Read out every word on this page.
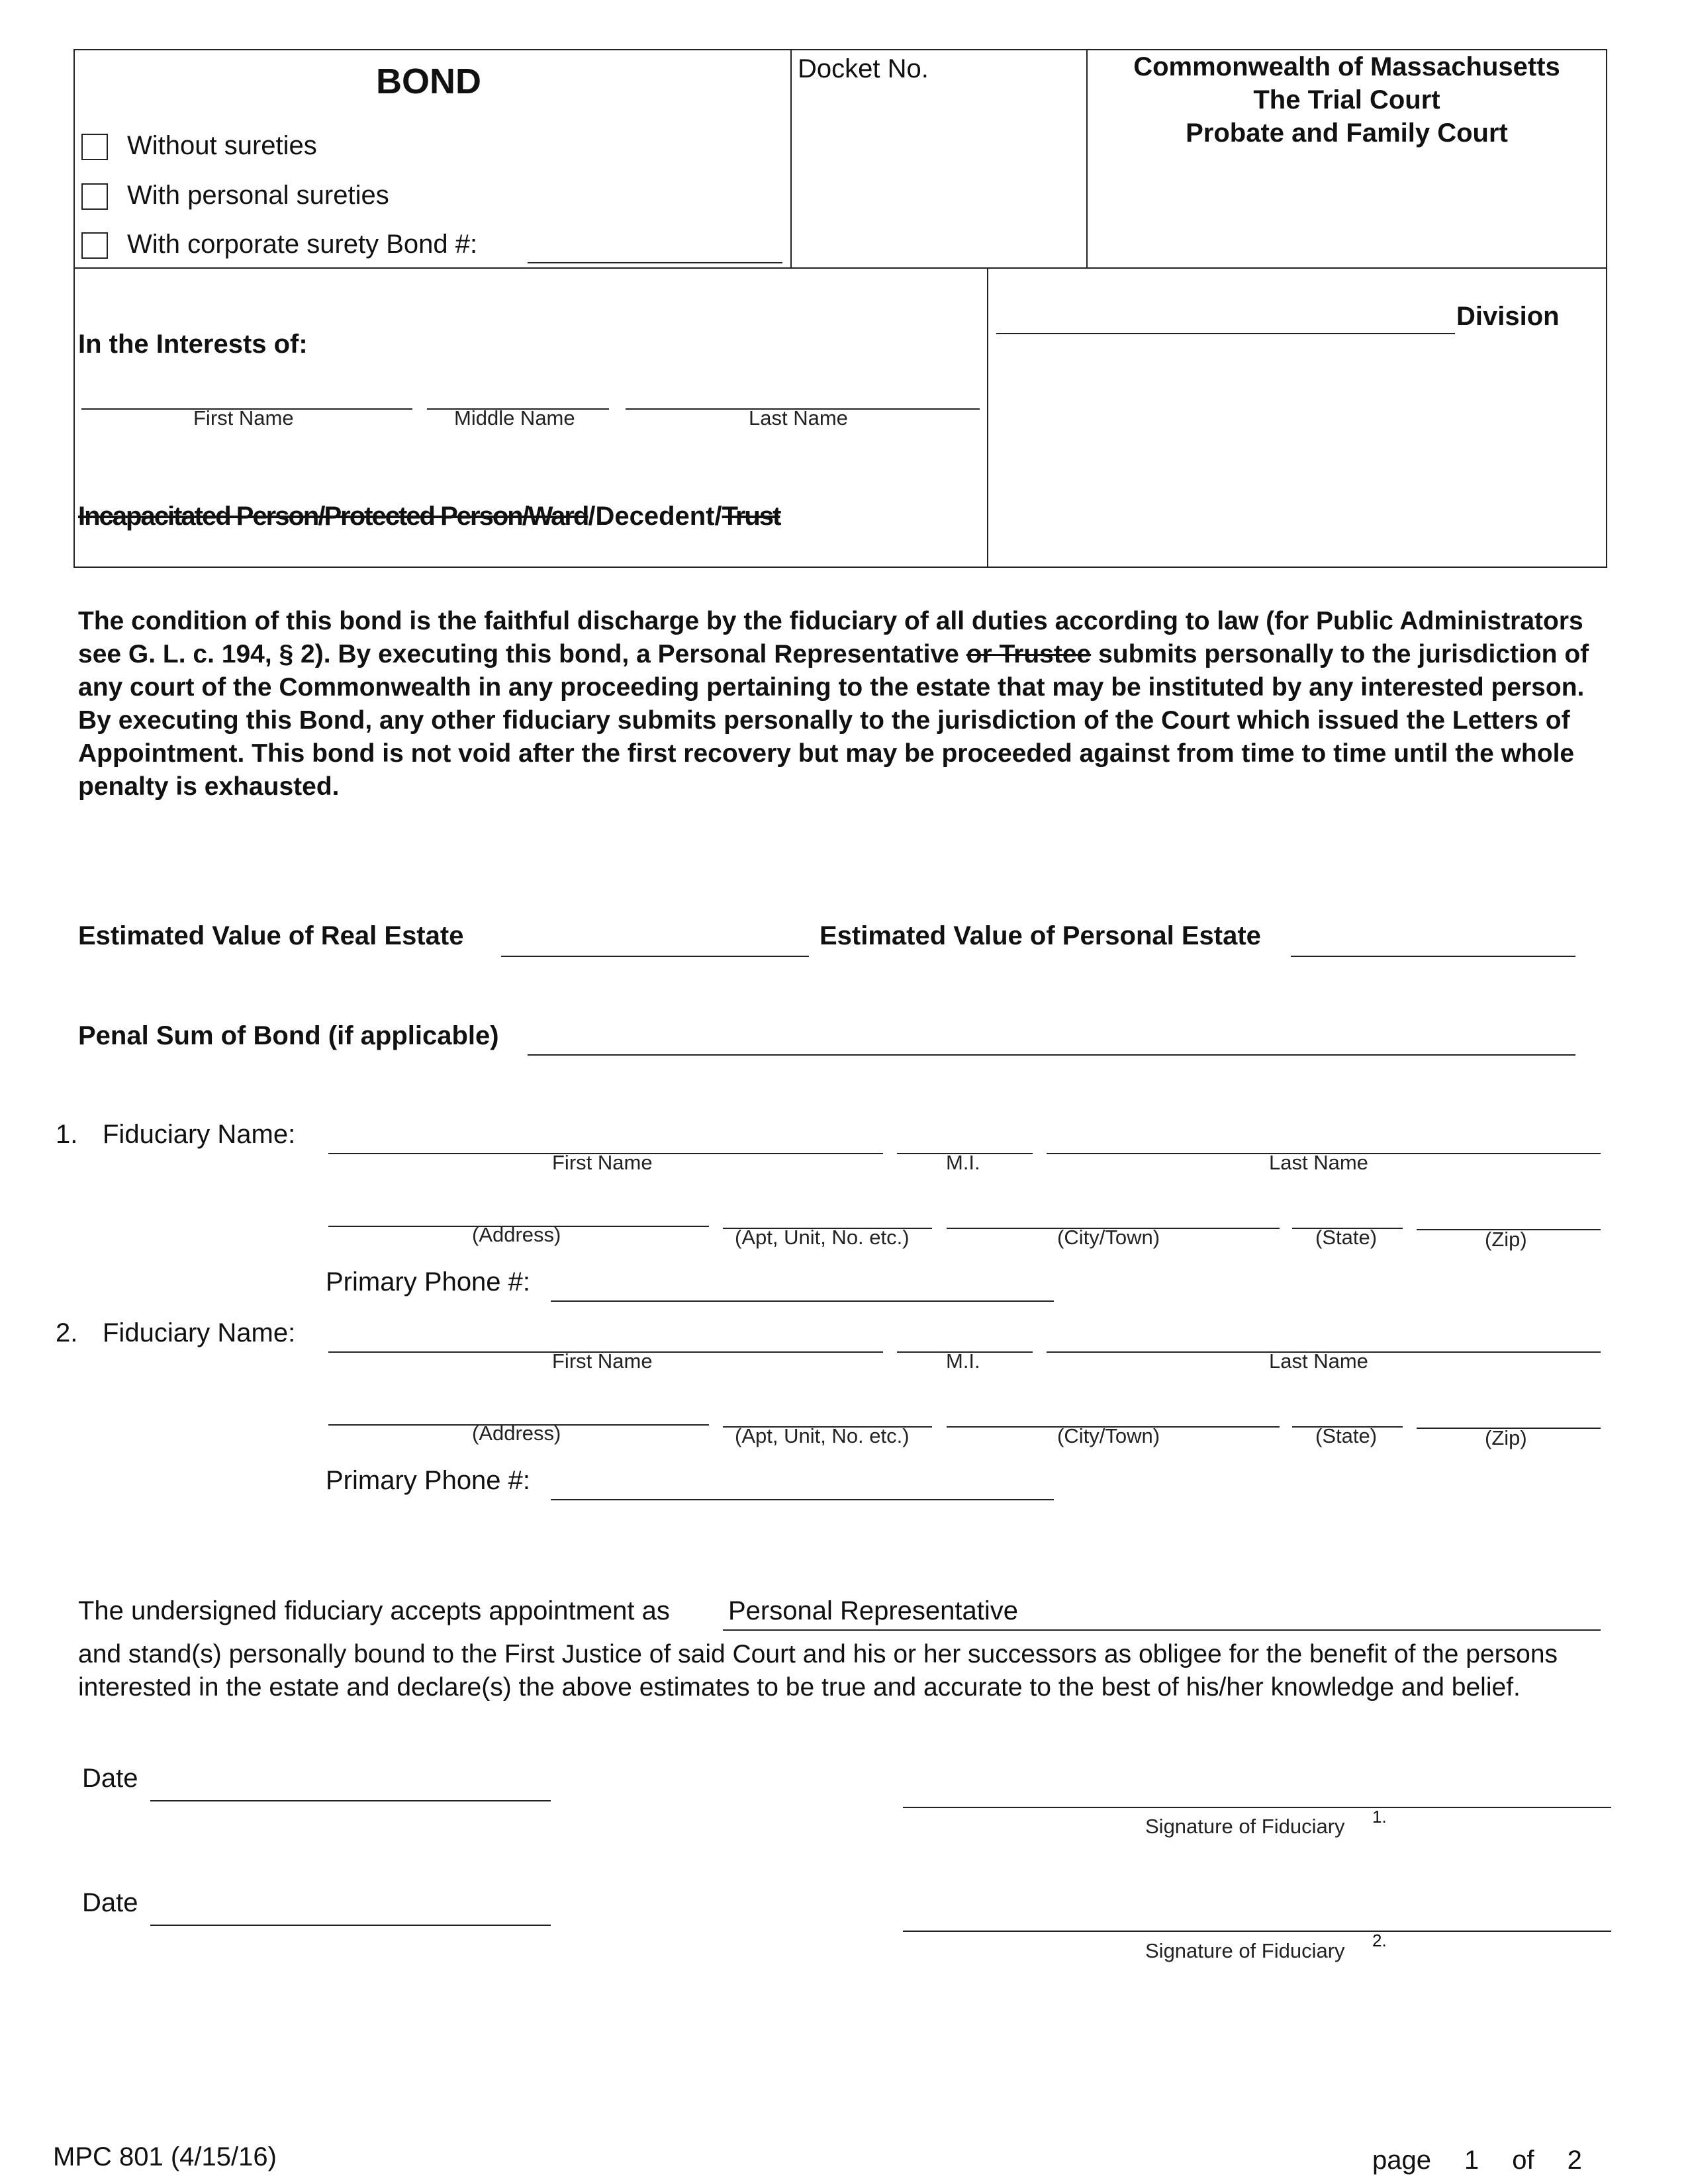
BOND
Without sureties
With personal sureties
With corporate surety Bond #:
Docket No.	Commonwealth of Massachusetts
The Trial Court
Probate and Family Court
In the Interests of:
First Name	Middle Name	Last Name
Incapacitated Person/Protected Person/Ward/Decedent/Trust
Division
The condition of this bond is the faithful discharge by the fiduciary of all duties according to law (for Public Administrators see G. L. c. 194, § 2). By executing this bond, a Personal Representative or Trustee submits personally to the jurisdiction of any court of the Commonwealth in any proceeding pertaining to the estate that may be instituted by any interested person. By executing this Bond, any other fiduciary submits personally to the jurisdiction of the Court which issued the Letters of Appointment. This bond is not void after the first recovery but may be proceeded against from time to time until the whole penalty is exhausted.
Estimated Value of Real Estate	Estimated Value of Personal Estate
Penal Sum of Bond (if applicable)
1. Fiduciary Name:
First Name	M.I.	Last Name
(Address)	(Apt, Unit, No. etc.)	(City/Town)	(State)	(Zip)
Primary Phone #:
2. Fiduciary Name:
First Name	M.I.	Last Name
(Address)	(Apt, Unit, No. etc.)	(City/Town)	(State)	(Zip)
Primary Phone #:
The undersigned fiduciary accepts appointment as Personal Representative
and stand(s) personally bound to the First Justice of said Court and his or her successors as obligee for the benefit of the persons interested in the estate and declare(s) the above estimates to be true and accurate to the best of his/her knowledge and belief.
Date
Signature of Fiduciary 1.
Date
Signature of Fiduciary 2.
MPC 801 (4/15/16)	page 1 of 2
